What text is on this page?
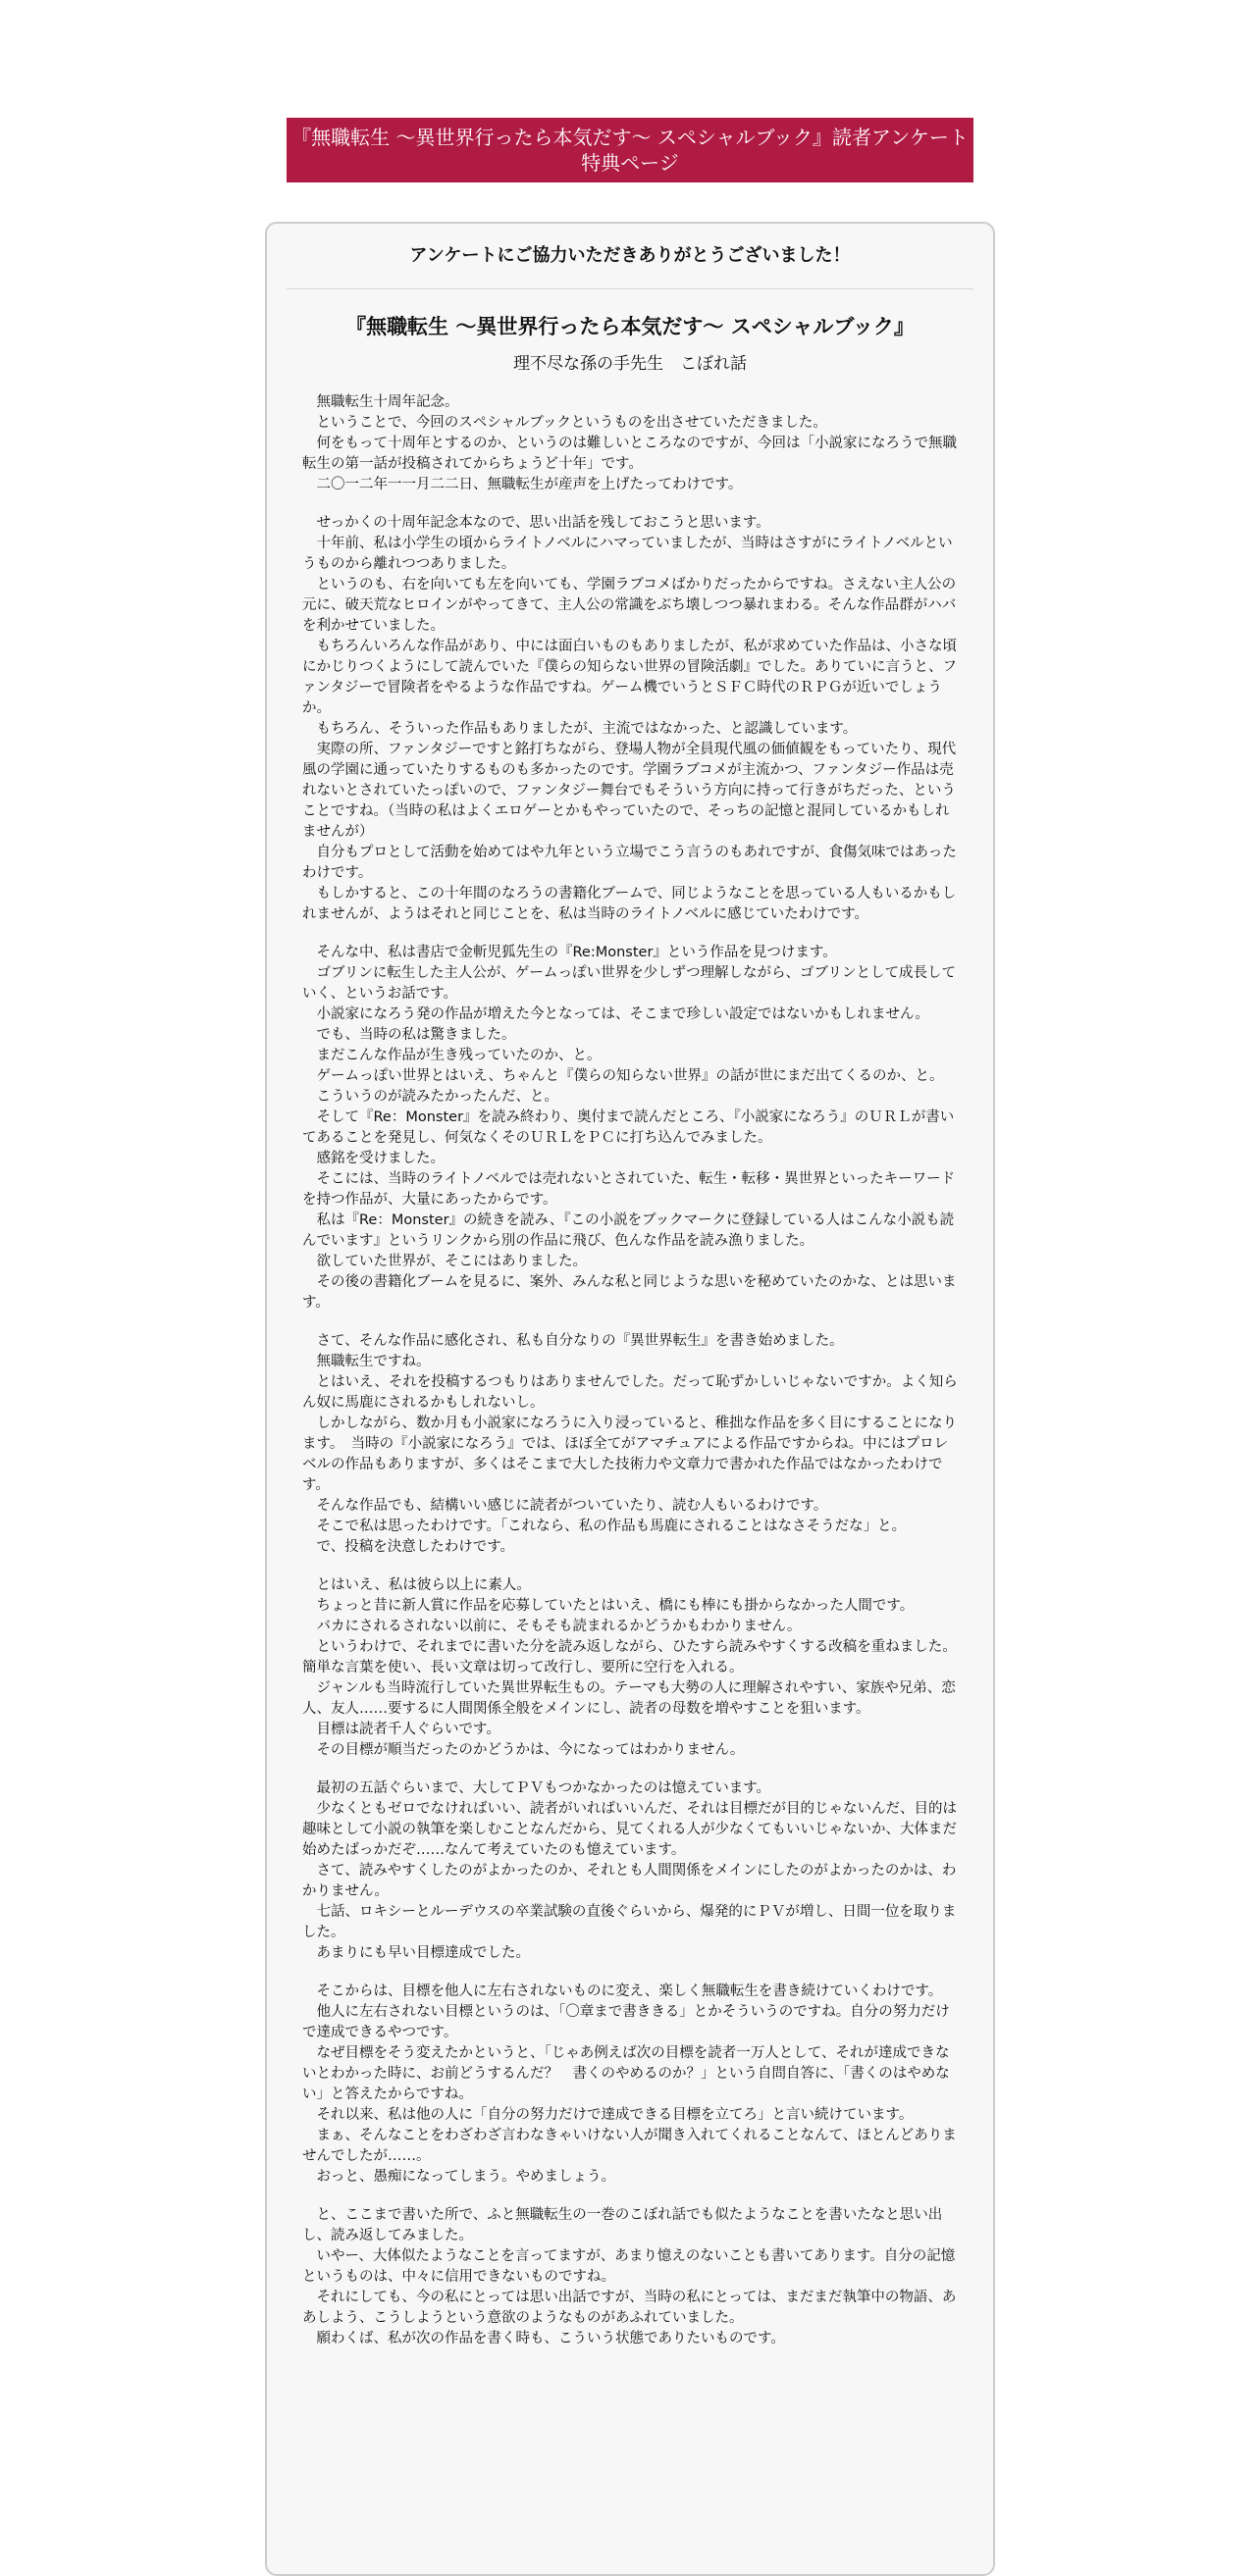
『無職転生 ～異世界行ったら本気だす～ スペシャルブック』読者アンケート
特典ページ
アンケートにご協力いただきありがとうございました！
『無職転生 ～異世界行ったら本気だす～ スペシャルブック』
理不尽な孫の手先生　こぼれ話

無職転生十周年記念。

ということで、今回のスペシャルブックというものを出させていただきました。

何をもって十周年とするのか、というのは難しいところなのですが、今回は「小説家になろうで無職転生の第一話が投稿されてからちょうど十年」です。

二〇一二年一一月二二日、無職転生が産声を上げたってわけです。

せっかくの十周年記念本なので、思い出話を残しておこうと思います。

十年前、私は小学生の頃からライトノベルにハマっていましたが、当時はさすがにライトノベルというものから離れつつありました。

というのも、右を向いても左を向いても、学園ラブコメばかりだったからですね。さえない主人公の元に、破天荒なヒロインがやってきて、主人公の常識をぶち壊しつつ暴れまわる。そんな作品群がハバを利かせていました。

もちろんいろんな作品があり、中には面白いものもありましたが、私が求めていた作品は、小さな頃にかじりつくようにして読んでいた『僕らの知らない世界の冒険活劇』でした。ありていに言うと、ファンタジーで冒険者をやるような作品ですね。ゲーム機でいうとＳＦＣ時代のＲＰＧが近いでしょうか。

もちろん、そういった作品もありましたが、主流ではなかった、と認識しています。

実際の所、ファンタジーですと銘打ちながら、登場人物が全員現代風の価値観をもっていたり、現代風の学園に通っていたりするものも多かったのです。学園ラブコメが主流かつ、ファンタジー作品は売れないとされていたっぽいので、ファンタジー舞台でもそういう方向に持って行きがちだった、ということですね。（当時の私はよくエロゲーとかもやっていたので、そっちの記憶と混同しているかもしれませんが）

自分もプロとして活動を始めてはや九年という立場でこう言うのもあれですが、食傷気味ではあったわけです。

もしかすると、この十年間のなろうの書籍化ブームで、同じようなことを思っている人もいるかもしれませんが、ようはそれと同じことを、私は当時のライトノベルに感じていたわけです。

そんな中、私は書店で金斬児狐先生の『Re:Monster』という作品を見つけます。

ゴブリンに転生した主人公が、ゲームっぽい世界を少しずつ理解しながら、ゴブリンとして成長していく、というお話です。

小説家になろう発の作品が増えた今となっては、そこまで珍しい設定ではないかもしれません。

でも、当時の私は驚きました。

まだこんな作品が生き残っていたのか、と。

ゲームっぽい世界とはいえ、ちゃんと『僕らの知らない世界』の話が世にまだ出てくるのか、と。

こういうのが読みたかったんだ、と。

そして『Re：Monster』を読み終わり、奥付まで読んだところ、『小説家になろう』のＵＲＬが書いてあることを発見し、何気なくそのＵＲＬをＰＣに打ち込んでみました。

感銘を受けました。

そこには、当時のライトノベルでは売れないとされていた、転生・転移・異世界といったキーワードを持つ作品が、大量にあったからです。

私は『Re：Monster』の続きを読み、『この小説をブックマークに登録している人はこんな小説も読んでいます』というリンクから別の作品に飛び、色んな作品を読み漁りました。

欲していた世界が、そこにはありました。

その後の書籍化ブームを見るに、案外、みんな私と同じような思いを秘めていたのかな、とは思います。

さて、そんな作品に感化され、私も自分なりの『異世界転生』を書き始めました。

無職転生ですね。

とはいえ、それを投稿するつもりはありませんでした。だって恥ずかしいじゃないですか。よく知らん奴に馬鹿にされるかもしれないし。

しかしながら、数か月も小説家になろうに入り浸っていると、稚拙な作品を多く目にすることになります。　当時の『小説家になろう』では、ほぼ全てがアマチュアによる作品ですからね。中にはプロレベルの作品もありますが、多くはそこまで大した技術力や文章力で書かれた作品ではなかったわけです。

そんな作品でも、結構いい感じに読者がついていたり、読む人もいるわけです。

そこで私は思ったわけです。「これなら、私の作品も馬鹿にされることはなさそうだな」と。

で、投稿を決意したわけです。

とはいえ、私は彼ら以上に素人。

ちょっと昔に新人賞に作品を応募していたとはいえ、橋にも棒にも掛からなかった人間です。

バカにされるされない以前に、そもそも読まれるかどうかもわかりません。

というわけで、それまでに書いた分を読み返しながら、ひたすら読みやすくする改稿を重ねました。簡単な言葉を使い、長い文章は切って改行し、要所に空行を入れる。

ジャンルも当時流行していた異世界転生もの。テーマも大勢の人に理解されやすい、家族や兄弟、恋人、友人……要するに人間関係全般をメインにし、読者の母数を増やすことを狙います。

目標は読者千人ぐらいです。

その目標が順当だったのかどうかは、今になってはわかりません。

最初の五話ぐらいまで、大してＰＶもつかなかったのは憶えています。

少なくともゼロでなければいい、読者がいればいいんだ、それは目標だが目的じゃないんだ、目的は趣味として小説の執筆を楽しむことなんだから、見てくれる人が少なくてもいいじゃないか、大体まだ始めたばっかだぞ……なんて考えていたのも憶えています。

さて、読みやすくしたのがよかったのか、それとも人間関係をメインにしたのがよかったのかは、わかりません。

七話、ロキシーとルーデウスの卒業試験の直後ぐらいから、爆発的にＰＶが増し、日間一位を取りました。

あまりにも早い目標達成でした。

そこからは、目標を他人に左右されないものに変え、楽しく無職転生を書き続けていくわけです。

他人に左右されない目標というのは、「〇章まで書ききる」とかそういうのですね。自分の努力だけで達成できるやつです。

なぜ目標をそう変えたかというと、「じゃあ例えば次の目標を読者一万人として、それが達成できないとわかった時に、お前どうするんだ？　書くのやめるのか？」という自問自答に、「書くのはやめない」と答えたからですね。

それ以来、私は他の人に「自分の努力だけで達成できる目標を立てろ」と言い続けています。

まぁ、そんなことをわざわざ言わなきゃいけない人が聞き入れてくれることなんて、ほとんどありませんでしたが……。

おっと、愚痴になってしまう。やめましょう。

と、ここまで書いた所で、ふと無職転生の一巻のこぼれ話でも似たようなことを書いたなと思い出し、読み返してみました。

いやー、大体似たようなことを言ってますが、あまり憶えのないことも書いてあります。自分の記憶というものは、中々に信用できないものですね。

それにしても、今の私にとっては思い出話ですが、当時の私にとっては、まだまだ執筆中の物語、ああしよう、こうしようという意欲のようなものがあふれていました。

願わくば、私が次の作品を書く時も、こういう状態でありたいものです。
